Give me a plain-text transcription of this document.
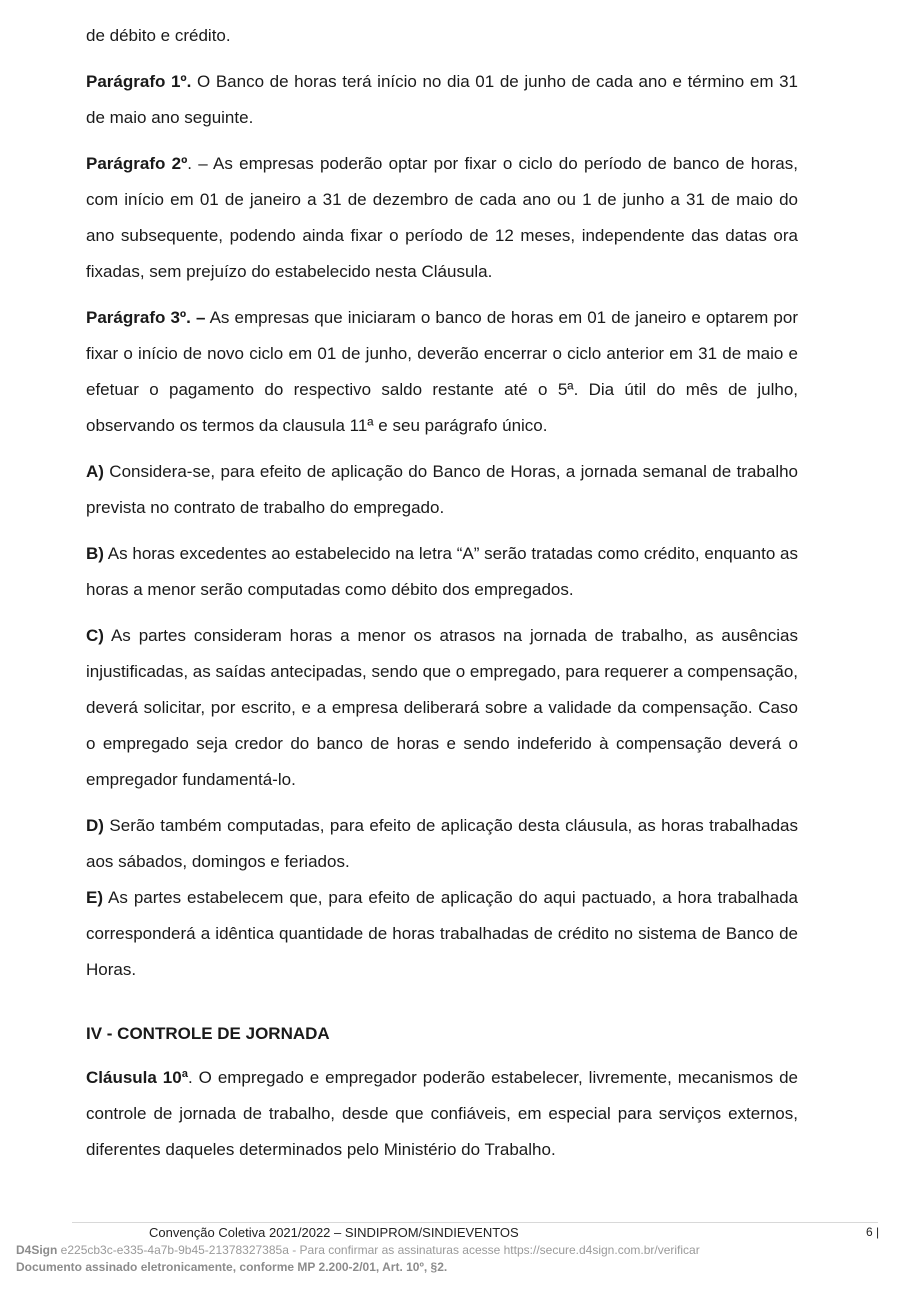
de débito e crédito.

Parágrafo 1º. O Banco de horas terá início no dia 01 de junho de cada ano e término em 31 de maio ano seguinte.

Parágrafo 2º. – As empresas poderão optar por fixar o ciclo do período de banco de horas, com início em 01 de janeiro a 31 de dezembro de cada ano ou 1 de junho a 31 de maio do ano subsequente, podendo ainda fixar o período de 12 meses, independente das datas ora fixadas, sem prejuízo do estabelecido nesta Cláusula.

Parágrafo 3º. – As empresas que iniciaram o banco de horas em 01 de janeiro e optarem por fixar o início de novo ciclo em 01 de junho, deverão encerrar o ciclo anterior em 31 de maio e efetuar o pagamento do respectivo saldo restante até o 5ª. Dia útil do mês de julho, observando os termos da clausula 11ª e seu parágrafo único.

A) Considera-se, para efeito de aplicação do Banco de Horas, a jornada semanal de trabalho prevista no contrato de trabalho do empregado.

B) As horas excedentes ao estabelecido na letra “A” serão tratadas como crédito, enquanto as horas a menor serão computadas como débito dos empregados.

C) As partes consideram horas a menor os atrasos na jornada de trabalho, as ausências injustificadas, as saídas antecipadas, sendo que o empregado, para requerer a compensação, deverá solicitar, por escrito, e a empresa deliberará sobre a validade da compensação. Caso o empregado seja credor do banco de horas e sendo indeferido à compensação deverá o empregador fundamentá-lo.

D) Serão também computadas, para efeito de aplicação desta cláusula, as horas trabalhadas aos sábados, domingos e feriados.

E) As partes estabelecem que, para efeito de aplicação do aqui pactuado, a hora trabalhada corresponderá a idêntica quantidade de horas trabalhadas de crédito no sistema de Banco de Horas.

IV - CONTROLE DE JORNADA

Cláusula 10ª. O empregado e empregador poderão estabelecer, livremente, mecanismos de controle de jornada de trabalho, desde que confiáveis, em especial para serviços externos, diferentes daqueles determinados pelo Ministério do Trabalho.

Convenção Coletiva 2021/2022 – SINDIPROM/SINDIEVENTOS	6 |
D4Sign e225cb3c-e335-4a7b-9b45-21378327385a - Para confirmar as assinaturas acesse https://secure.d4sign.com.br/verificar
Documento assinado eletronicamente, conforme MP 2.200-2/01, Art. 10º, §2.
